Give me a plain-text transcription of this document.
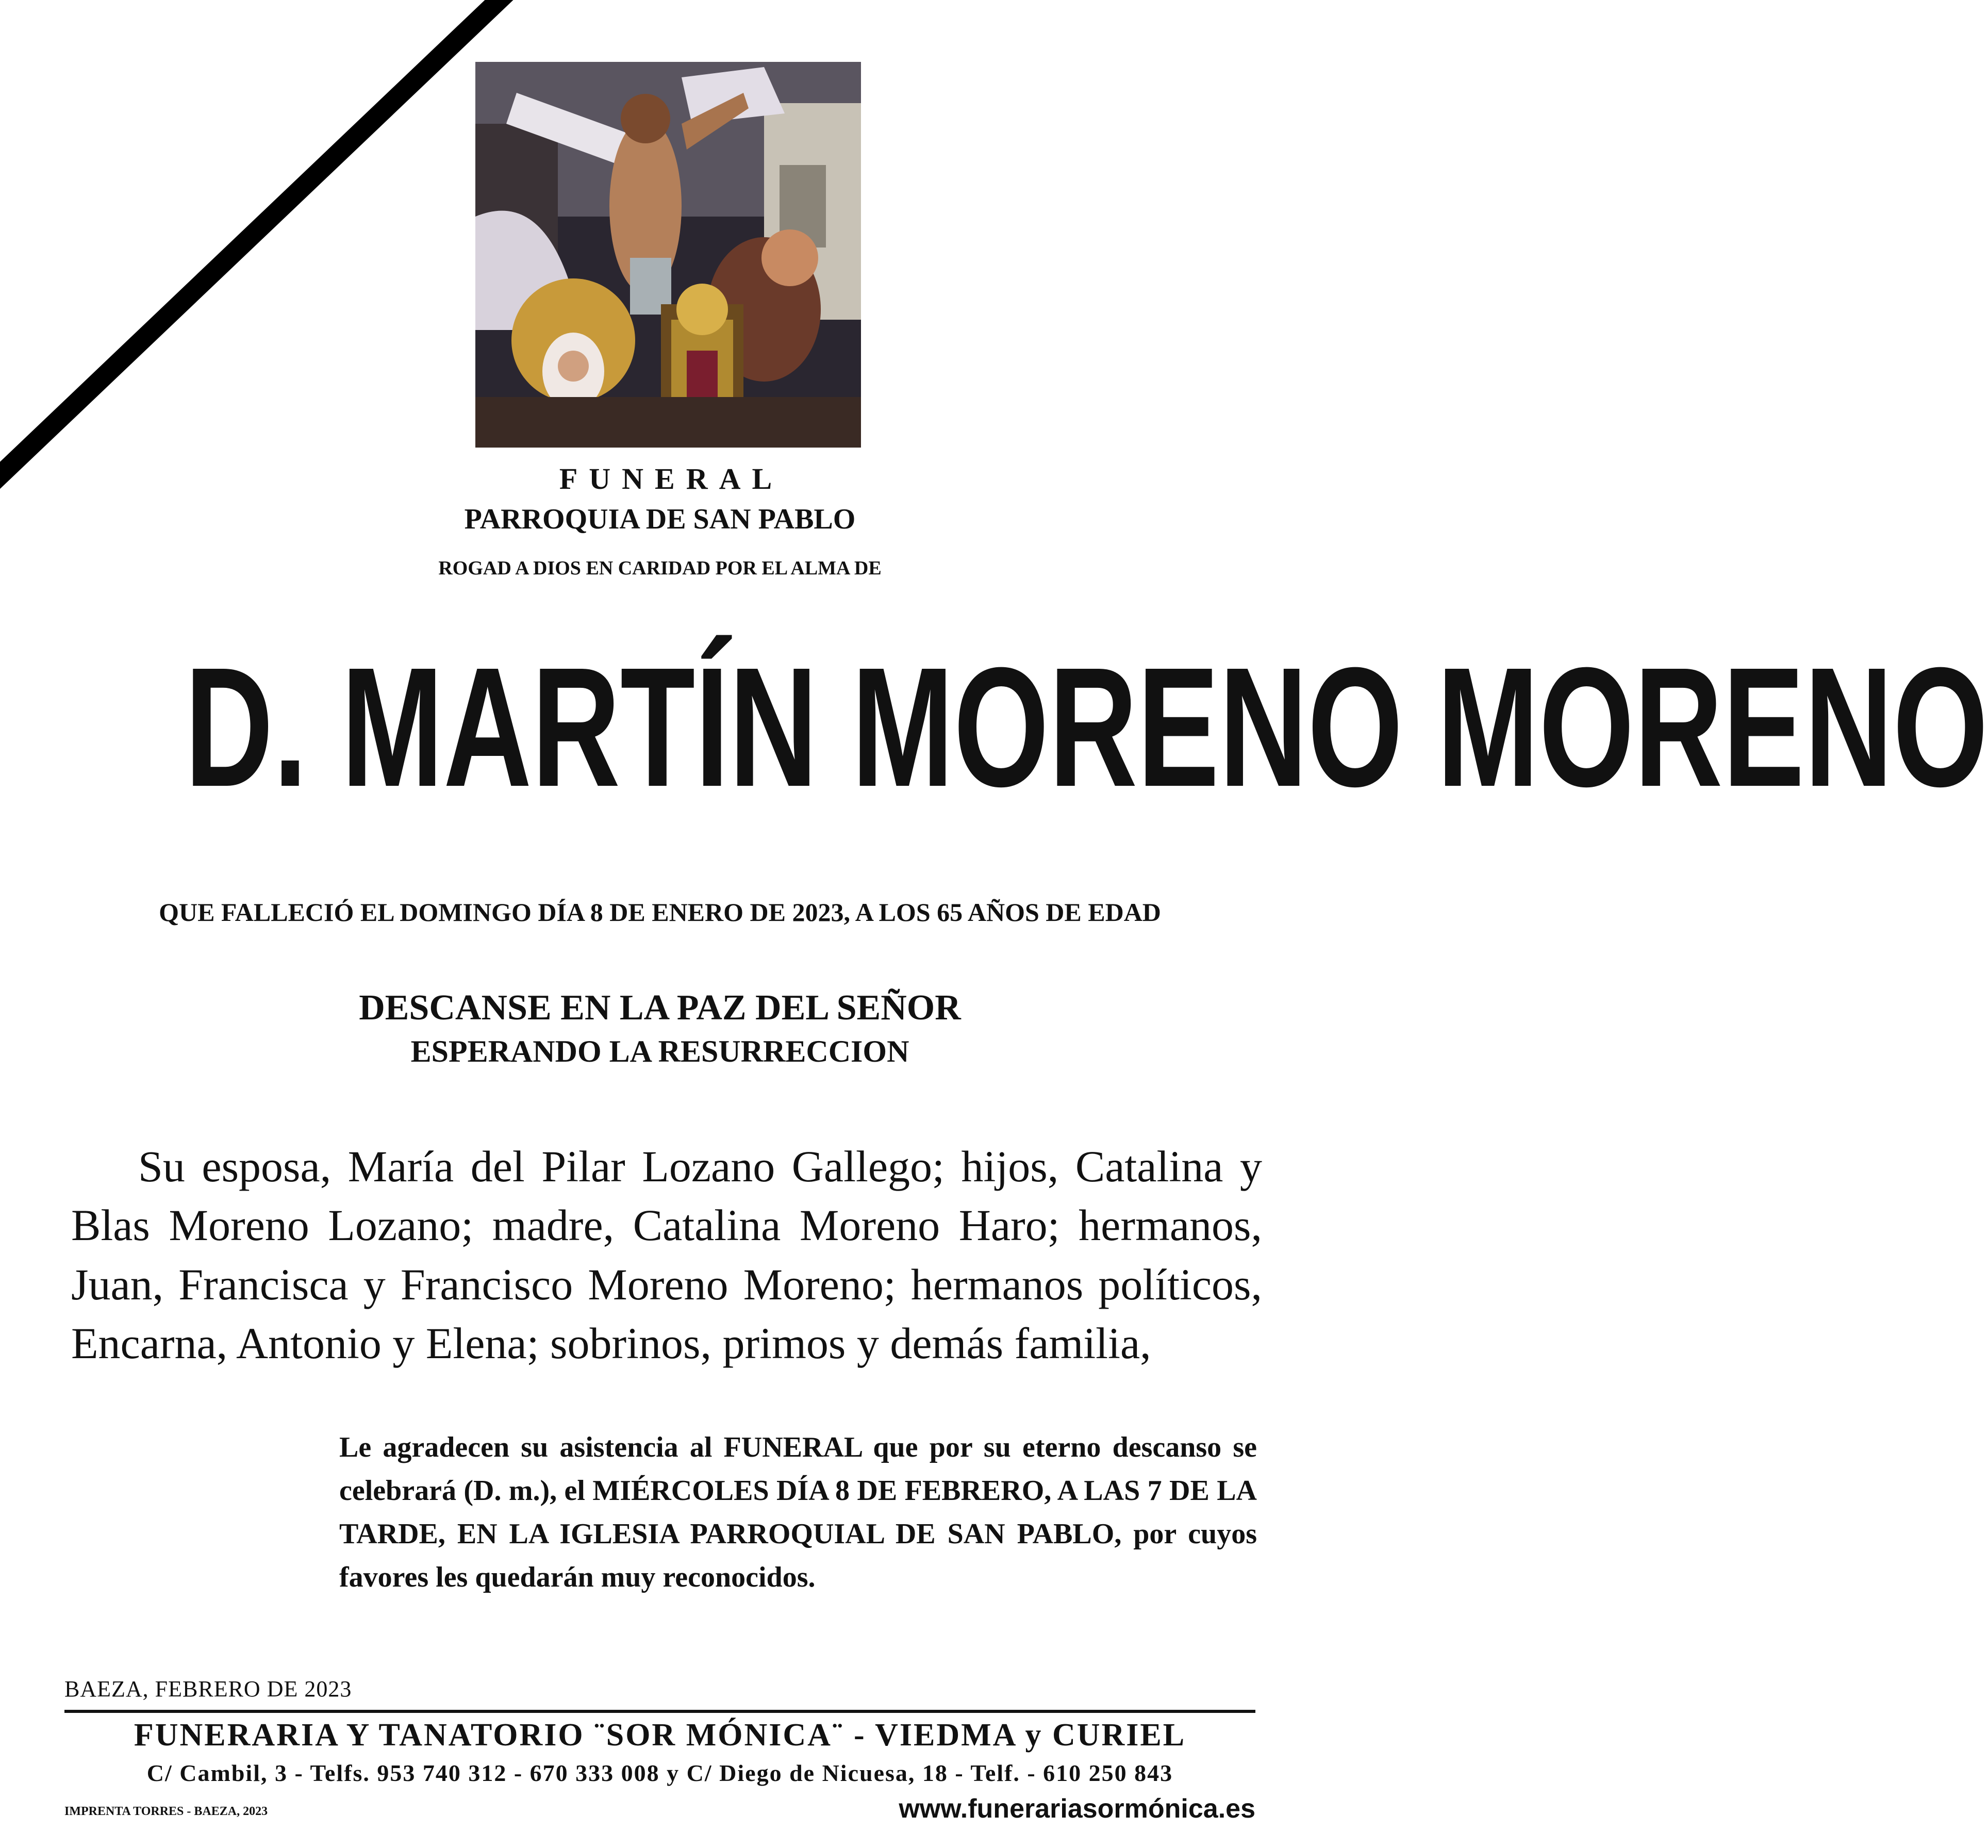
FUNERAL
PARROQUIA DE SAN PABLO
ROGAD A DIOS EN CARIDAD POR EL ALMA DE
D. MARTÍN MORENO MORENO
QUE FALLECIÓ EL DOMINGO DÍA 8 DE ENERO DE 2023, A LOS 65 AÑOS DE EDAD
DESCANSE EN LA PAZ DEL SEÑOR
ESPERANDO LA RESURRECCION
Su esposa, María del Pilar Lozano Gallego; hijos, Catalina y Blas Moreno Lozano; madre, Catalina Moreno Haro; hermanos, Juan, Francisca y Francisco Moreno Moreno; hermanos políticos, Encarna, Antonio y Elena; sobrinos, primos y demás familia,
Le agradecen su asistencia al FUNERAL que por su eterno descanso se celebrará (D. m.), el MIÉRCOLES DÍA 8 DE FEBRERO, A LAS 7 DE LA TARDE, EN LA IGLESIA PARROQUIAL DE SAN PABLO, por cuyos favores les quedarán muy reconocidos.
BAEZA, FEBRERO DE 2023
FUNERARIA Y TANATORIO ¨SOR MÓNICA¨ - VIEDMA y CURIEL
C/ Cambil, 3 - Telfs. 953 740 312 - 670 333 008 y C/ Diego de Nicuesa, 18 - Telf. - 610 250 843
IMPRENTA TORRES - BAEZA, 2023	www.funerariasormónica.es
